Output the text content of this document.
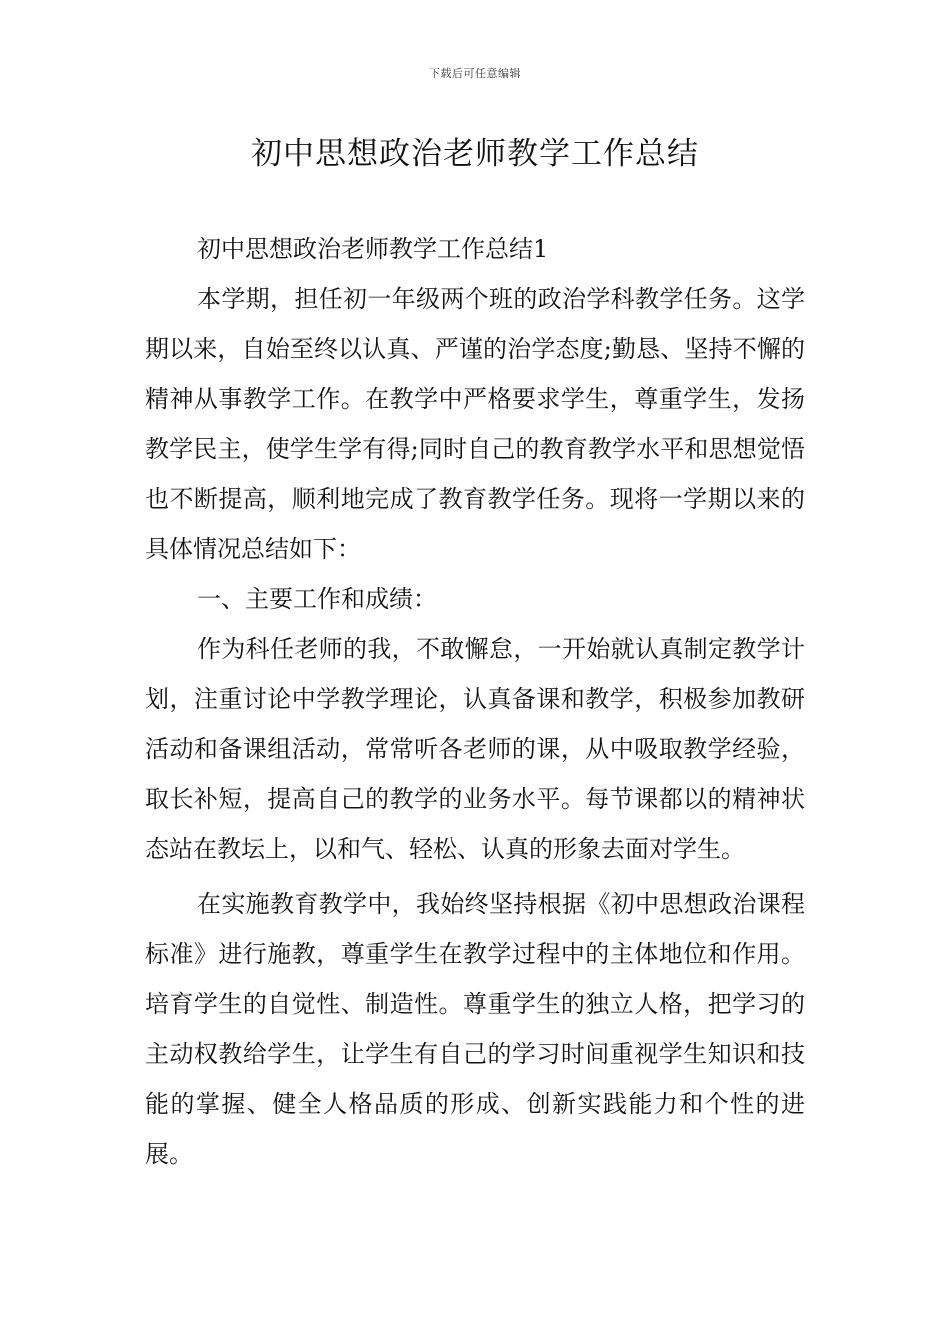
下载后可任意编辑
初中思想政治老师教学工作总结

初中思想政治老师教学工作总结1

本学期，担任初一年级两个班的政治学科教学任务。这学期以来，自始至终以认真、严谨的治学态度;勤恳、坚持不懈的精神从事教学工作。在教学中严格要求学生，尊重学生，发扬教学民主，使学生学有得;同时自己的教育教学水平和思想觉悟也不断提高，顺利地完成了教育教学任务。现将一学期以来的具体情况总结如下：

一、主要工作和成绩：

作为科任老师的我，不敢懈怠，一开始就认真制定教学计划，注重讨论中学教学理论，认真备课和教学，积极参加教研活动和备课组活动，常常听各老师的课，从中吸取教学经验，取长补短，提高自己的教学的业务水平。每节课都以的精神状态站在教坛上，以和气、轻松、认真的形象去面对学生。

在实施教育教学中，我始终坚持根据《初中思想政治课程标准》进行施教，尊重学生在教学过程中的主体地位和作用。培育学生的自觉性、制造性。尊重学生的独立人格，把学习的主动权教给学生，让学生有自己的学习时间重视学生知识和技能的掌握、健全人格品质的形成、创新实践能力和个性的进展。
